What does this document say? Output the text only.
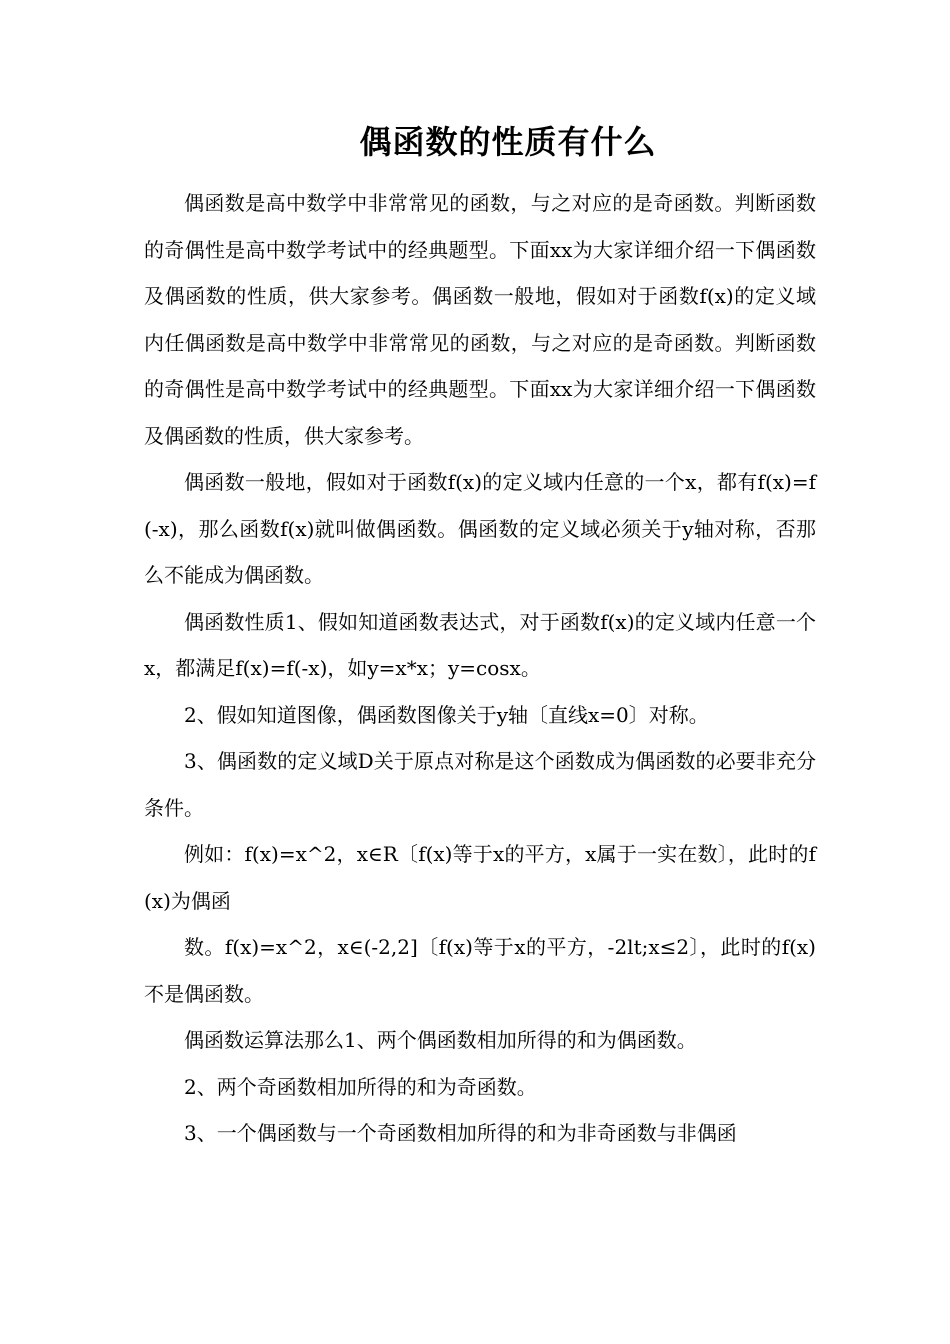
偶函数的性质有什么

偶函数是高中数学中非常常见的函数，与之对应的是奇函数。判断函数的奇偶性是高中数学考试中的经典题型。下面xx为大家详细介绍一下偶函数及偶函数的性质，供大家参考。偶函数一般地，假如对于函数f(x)的定义域内任偶函数是高中数学中非常常见的函数，与之对应的是奇函数。判断函数的奇偶性是高中数学考试中的经典题型。下面xx为大家详细介绍一下偶函数及偶函数的性质，供大家参考。

偶函数一般地，假如对于函数f(x)的定义域内任意的一个x，都有f(x)=f(-x)，那么函数f(x)就叫做偶函数。偶函数的定义域必须关于y轴对称，否那么不能成为偶函数。

偶函数性质1、假如知道函数表达式，对于函数f(x)的定义域内任意一个x，都满足f(x)=f(-x)，如y=x*x；y=cosx。

2、假如知道图像，偶函数图像关于y轴〔直线x=0〕对称。

3、偶函数的定义域D关于原点对称是这个函数成为偶函数的必要非充分条件。

例如：f(x)=x^2，x∈R〔f(x)等于x的平方，x属于一实在数〕，此时的f(x)为偶函

数。f(x)=x^2，x∈(-2,2]〔f(x)等于x的平方，-2lt;x≤2〕，此时的f(x)不是偶函数。

偶函数运算法那么1、两个偶函数相加所得的和为偶函数。

2、两个奇函数相加所得的和为奇函数。

3、一个偶函数与一个奇函数相加所得的和为非奇函数与非偶函
